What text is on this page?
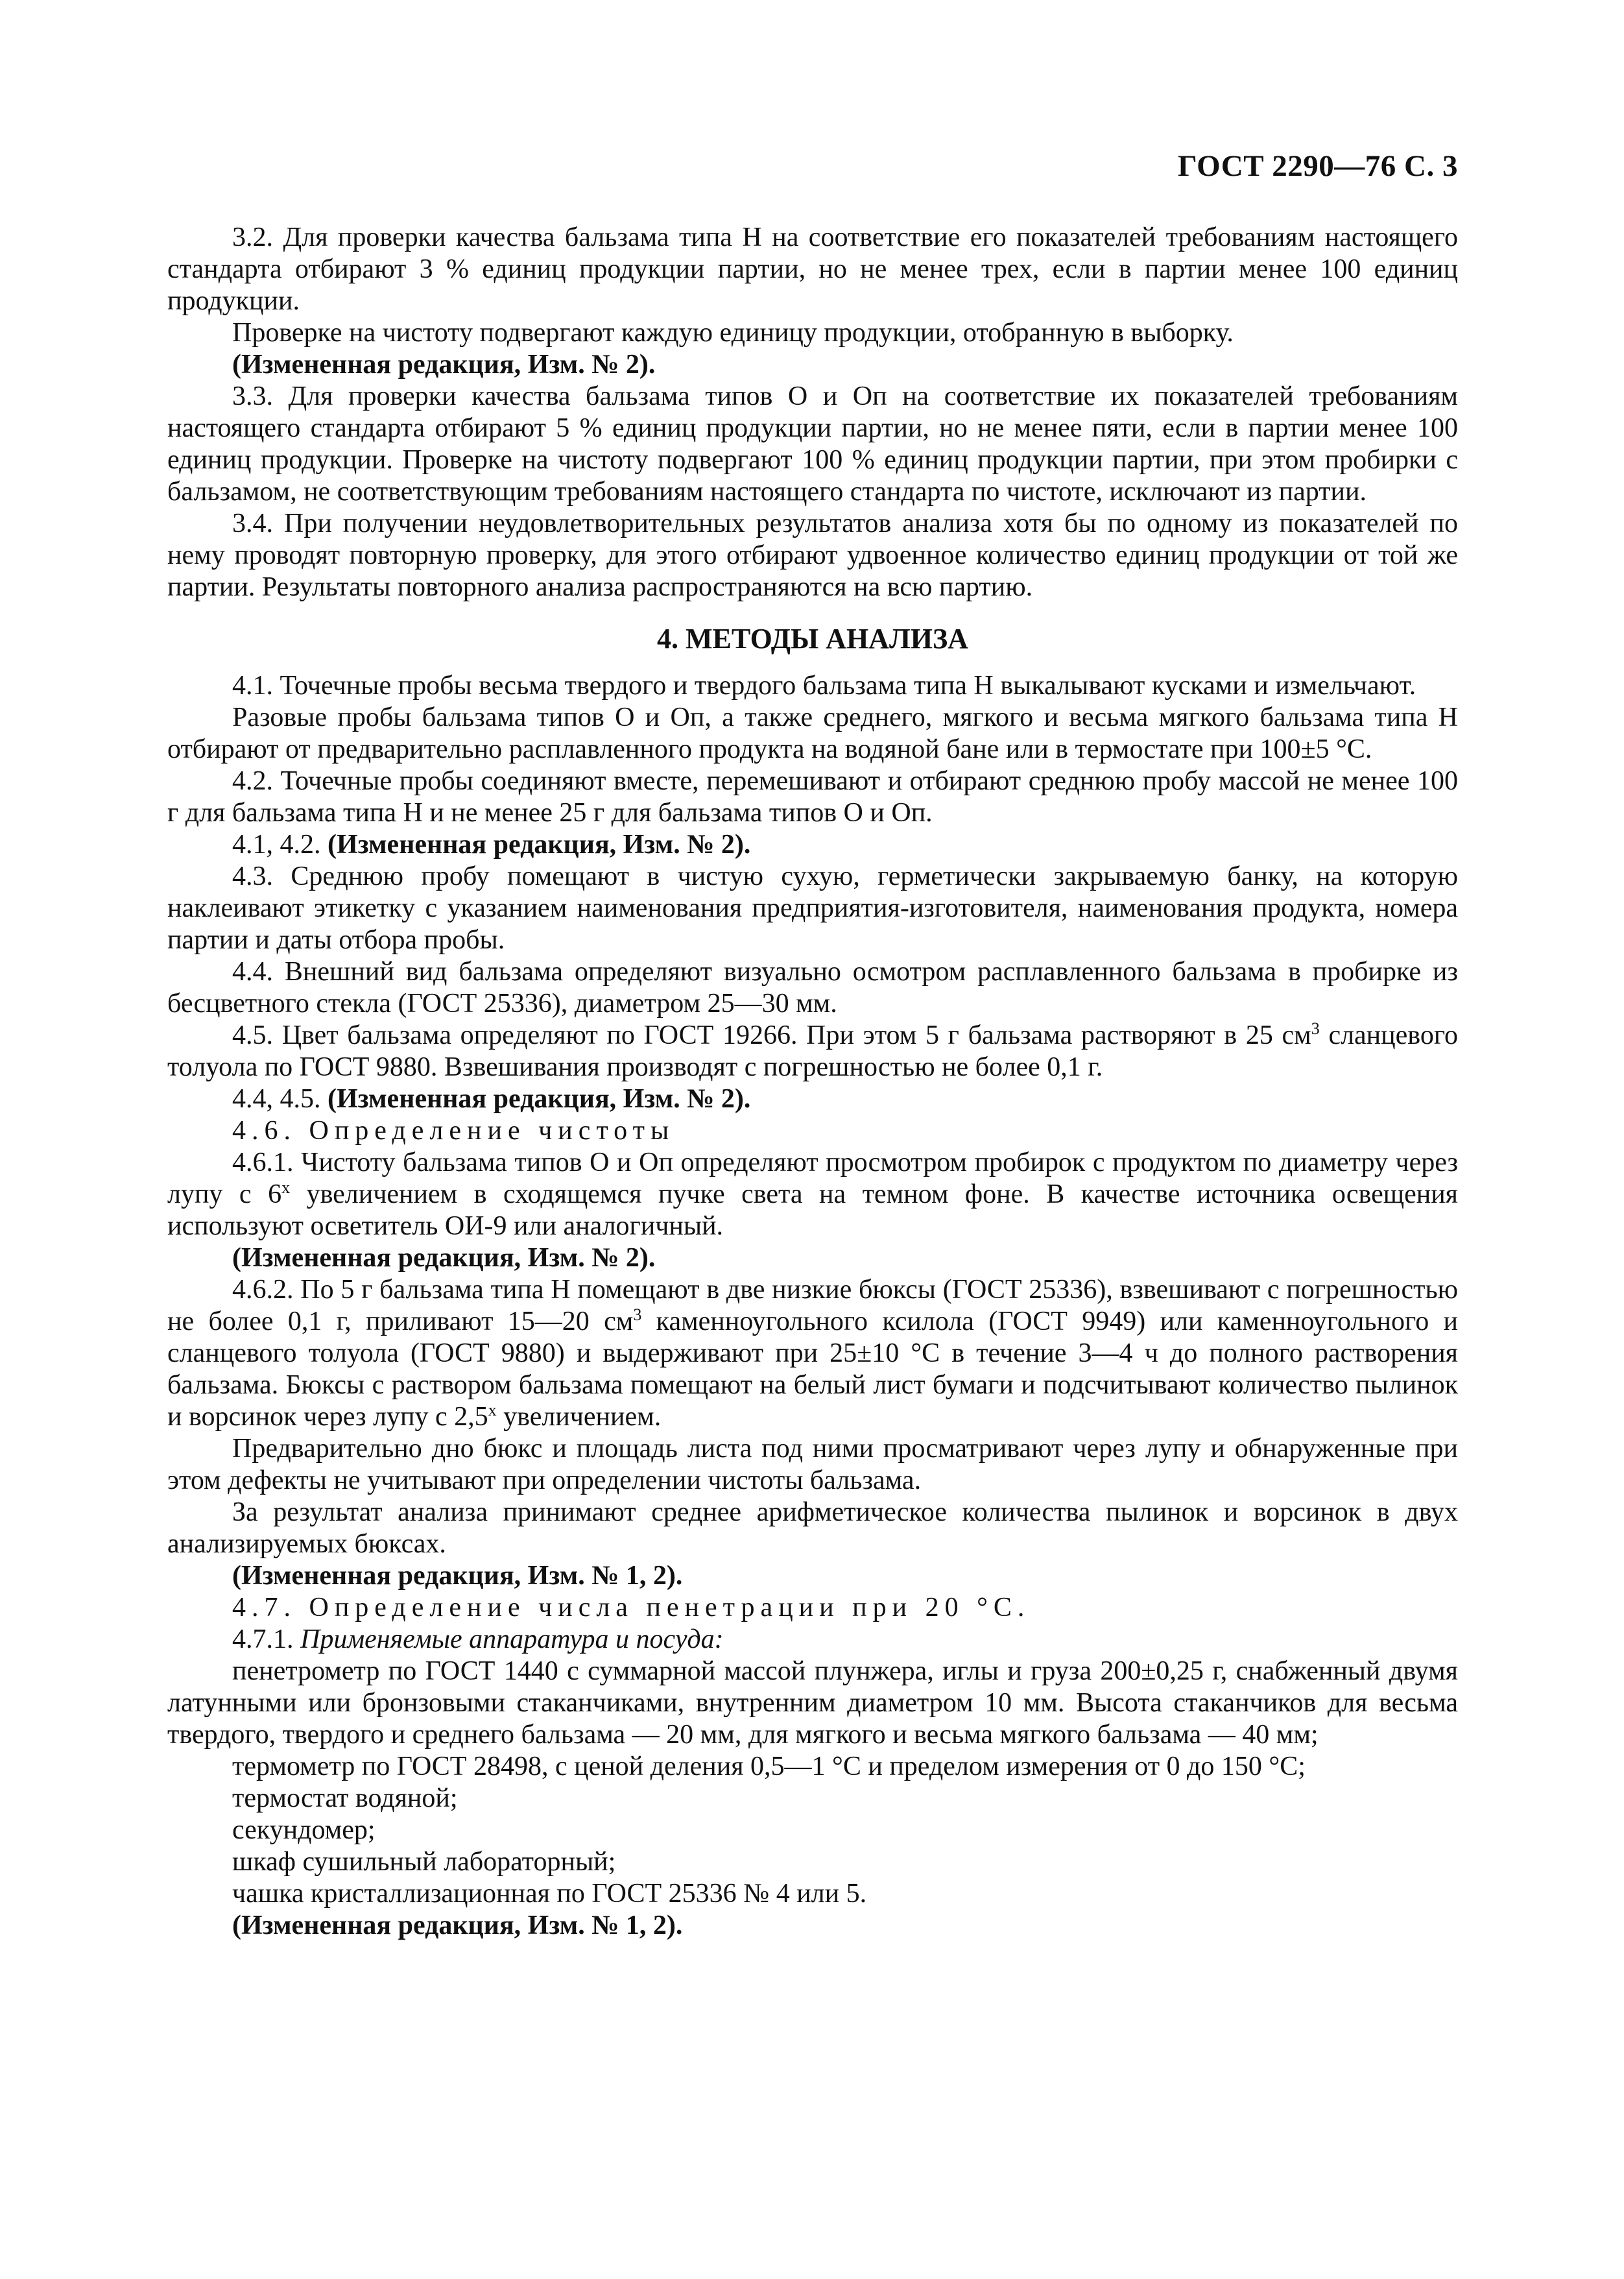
ГОСТ 2290—76 С. 3

3.2. Для проверки качества бальзама типа Н на соответствие его показателей требованиям настоящего стандарта отбирают 3 % единиц продукции партии, но не менее трех, если в партии менее 100 единиц продукции.

Проверке на чистоту подвергают каждую единицу продукции, отобранную в выборку.

(Измененная редакция, Изм. № 2).

3.3. Для проверки качества бальзама типов О и Оп на соответствие их показателей требованиям настоящего стандарта отбирают 5 % единиц продукции партии, но не менее пяти, если в партии менее 100 единиц продукции. Проверке на чистоту подвергают 100 % единиц продукции партии, при этом пробирки с бальзамом, не соответствующим требованиям настоящего стандарта по чистоте, исключают из партии.

3.4. При получении неудовлетворительных результатов анализа хотя бы по одному из показателей по нему проводят повторную проверку, для этого отбирают удвоенное количество единиц продукции от той же партии. Результаты повторного анализа распространяются на всю партию.

4. МЕТОДЫ АНАЛИЗА

4.1. Точечные пробы весьма твердого и твердого бальзама типа Н выкалывают кусками и измельчают.

Разовые пробы бальзама типов О и Оп, а также среднего, мягкого и весьма мягкого бальзама типа Н отбирают от предварительно расплавленного продукта на водяной бане или в термостате при 100±5 °С.

4.2. Точечные пробы соединяют вместе, перемешивают и отбирают среднюю пробу массой не менее 100 г для бальзама типа Н и не менее 25 г для бальзама типов О и Оп.

4.1, 4.2. (Измененная редакция, Изм. № 2).

4.3. Среднюю пробу помещают в чистую сухую, герметически закрываемую банку, на которую наклеивают этикетку с указанием наименования предприятия-изготовителя, наименования продукта, номера партии и даты отбора пробы.

4.4. Внешний вид бальзама определяют визуально осмотром расплавленного бальзама в пробирке из бесцветного стекла (ГОСТ 25336), диаметром 25—30 мм.

4.5. Цвет бальзама определяют по ГОСТ 19266. При этом 5 г бальзама растворяют в 25 $см^3$ сланцевого толуола по ГОСТ 9880. Взвешивания производят с погрешностью не более 0,1 г.

4.4, 4.5. (Измененная редакция, Изм. № 2).

4.6. Определение чистоты

4.6.1. Чистоту бальзама типов О и Оп определяют просмотром пробирок с продуктом по диаметру через лупу с $6^х$ увеличением в сходящемся пучке света на темном фоне. В качестве источника освещения используют осветитель ОИ-9 или аналогичный.

(Измененная редакция, Изм. № 2).

4.6.2. По 5 г бальзама типа Н помещают в две низкие бюксы (ГОСТ 25336), взвешивают с погрешностью не более 0,1 г, приливают 15—20 $см^3$ каменноугольного ксилола (ГОСТ 9949) или каменноугольного и сланцевого толуола (ГОСТ 9880) и выдерживают при 25±10 °С в течение 3—4 ч до полного растворения бальзама. Бюксы с раствором бальзама помещают на белый лист бумаги и подсчитывают количество пылинок и ворсинок через лупу с $2,5^х$ увеличением.

Предварительно дно бюкс и площадь листа под ними просматривают через лупу и обнаруженные при этом дефекты не учитывают при определении чистоты бальзама.

За результат анализа принимают среднее арифметическое количества пылинок и ворсинок в двух анализируемых бюксах.

(Измененная редакция, Изм. № 1, 2).

4.7. Определение числа пенетрации при 20 °С.

4.7.1. Применяемые аппаратура и посуда:

пенетрометр по ГОСТ 1440 с суммарной массой плунжера, иглы и груза 200±0,25 г, снабженный двумя латунными или бронзовыми стаканчиками, внутренним диаметром 10 мм. Высота стаканчиков для весьма твердого, твердого и среднего бальзама — 20 мм, для мягкого и весьма мягкого бальзама — 40 мм;

термометр по ГОСТ 28498, с ценой деления 0,5—1 °С и пределом измерения от 0 до 150 °С;

термостат водяной;

секундомер;

шкаф сушильный лабораторный;

чашка кристаллизационная по ГОСТ 25336 № 4 или 5.

(Измененная редакция, Изм. № 1, 2).
